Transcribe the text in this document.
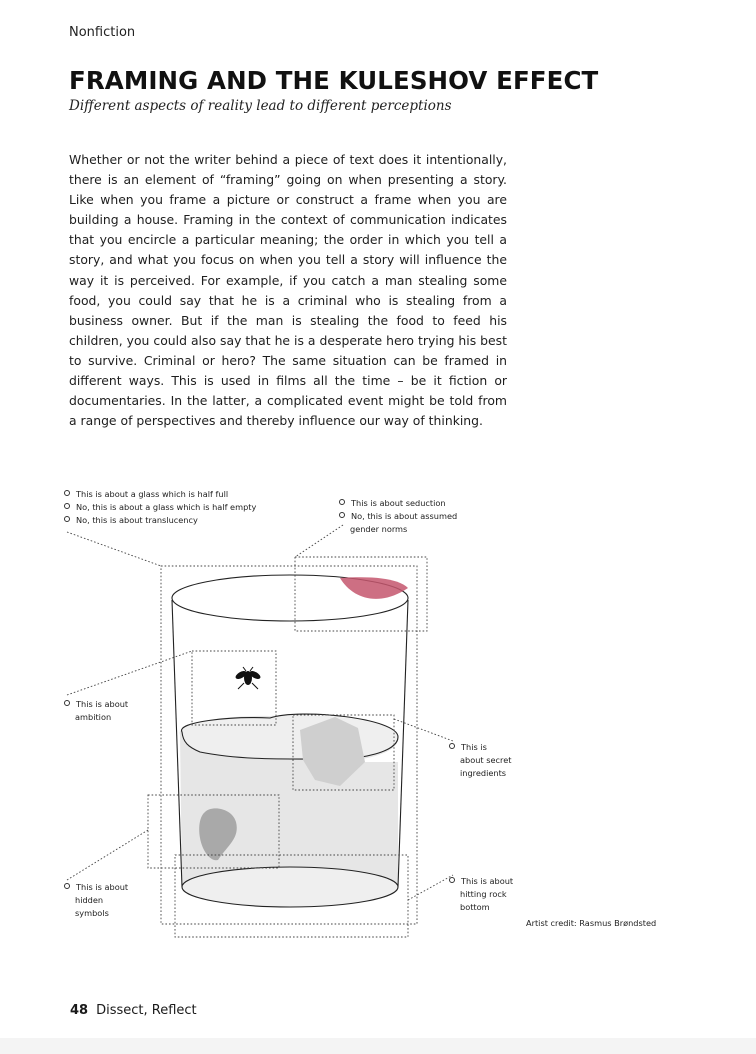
Nonfiction
FRAMING AND THE KULESHOV EFFECT
Different aspects of reality lead to different perceptions

Whether or not the writer behind a piece of text does it intentionally, there is an element of “framing” going on when presenting a story. Like when you frame a picture or construct a frame when you are building a house. Framing in the context of communication indicates that you encircle a particular meaning; the order in which you tell a story, and what you focus on when you tell a story will influence the way it is perceived. For example, if you catch a man stealing some food, you could say that he is a criminal who is stealing from a business owner. But if the man is stealing the food to feed his children, you could also say that he is a desperate hero trying his best to survive. Criminal or hero? The same situation can be framed in different ways. This is used in films all the time – be it fiction or documentaries. In the latter, a complicated event might be told from a range of perspectives and thereby influence our way of thinking.

This is about a glass which is half full
No, this is about a glass which is half empty
No, this is about translucency
This is about seduction
No, this is about assumed
gender norms
This is about
ambition
This is
about secret
ingredients
This is about
hidden
symbols
This is about
hitting rock
bottom
Artist credit: Rasmus Brøndsted
48 Dissect, Reflect
